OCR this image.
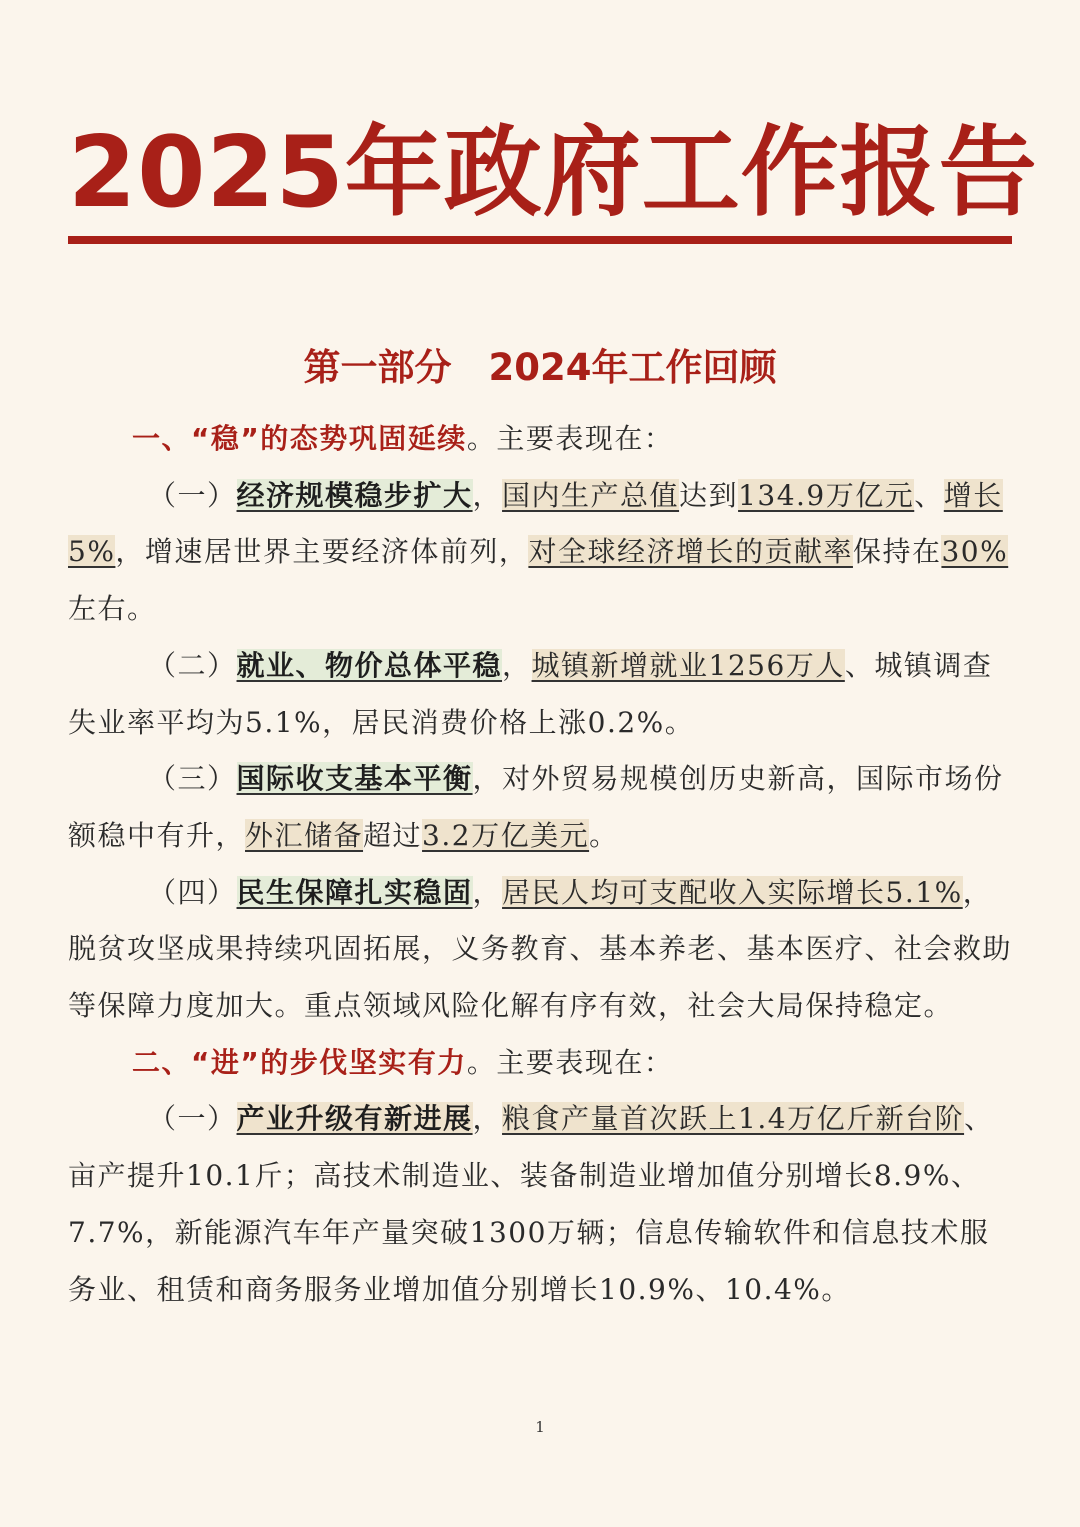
2025年政府工作报告
第一部分　2024年工作回顾

一、“稳”的态势巩固延续。主要表现在：

（一）经济规模稳步扩大，国内生产总值达到134.9万亿元、增长5%，增速居世界主要经济体前列，对全球经济增长的贡献率保持在30%左右。

（二）就业、物价总体平稳，城镇新增就业1256万人、城镇调查失业率平均为5.1%，居民消费价格上涨0.2%。

（三）国际收支基本平衡，对外贸易规模创历史新高，国际市场份额稳中有升，外汇储备超过3.2万亿美元。

（四）民生保障扎实稳固，居民人均可支配收入实际增长5.1%，脱贫攻坚成果持续巩固拓展，义务教育、基本养老、基本医疗、社会救助等保障力度加大。重点领域风险化解有序有效，社会大局保持稳定。

二、“进”的步伐坚实有力。主要表现在：

（一）产业升级有新进展，粮食产量首次跃上1.4万亿斤新台阶、亩产提升10.1斤；高技术制造业、装备制造业增加值分别增长8.9%、7.7%，新能源汽车年产量突破1300万辆；信息传输软件和信息技术服务业、租赁和商务服务业增加值分别增长10.9%、10.4%。

1
